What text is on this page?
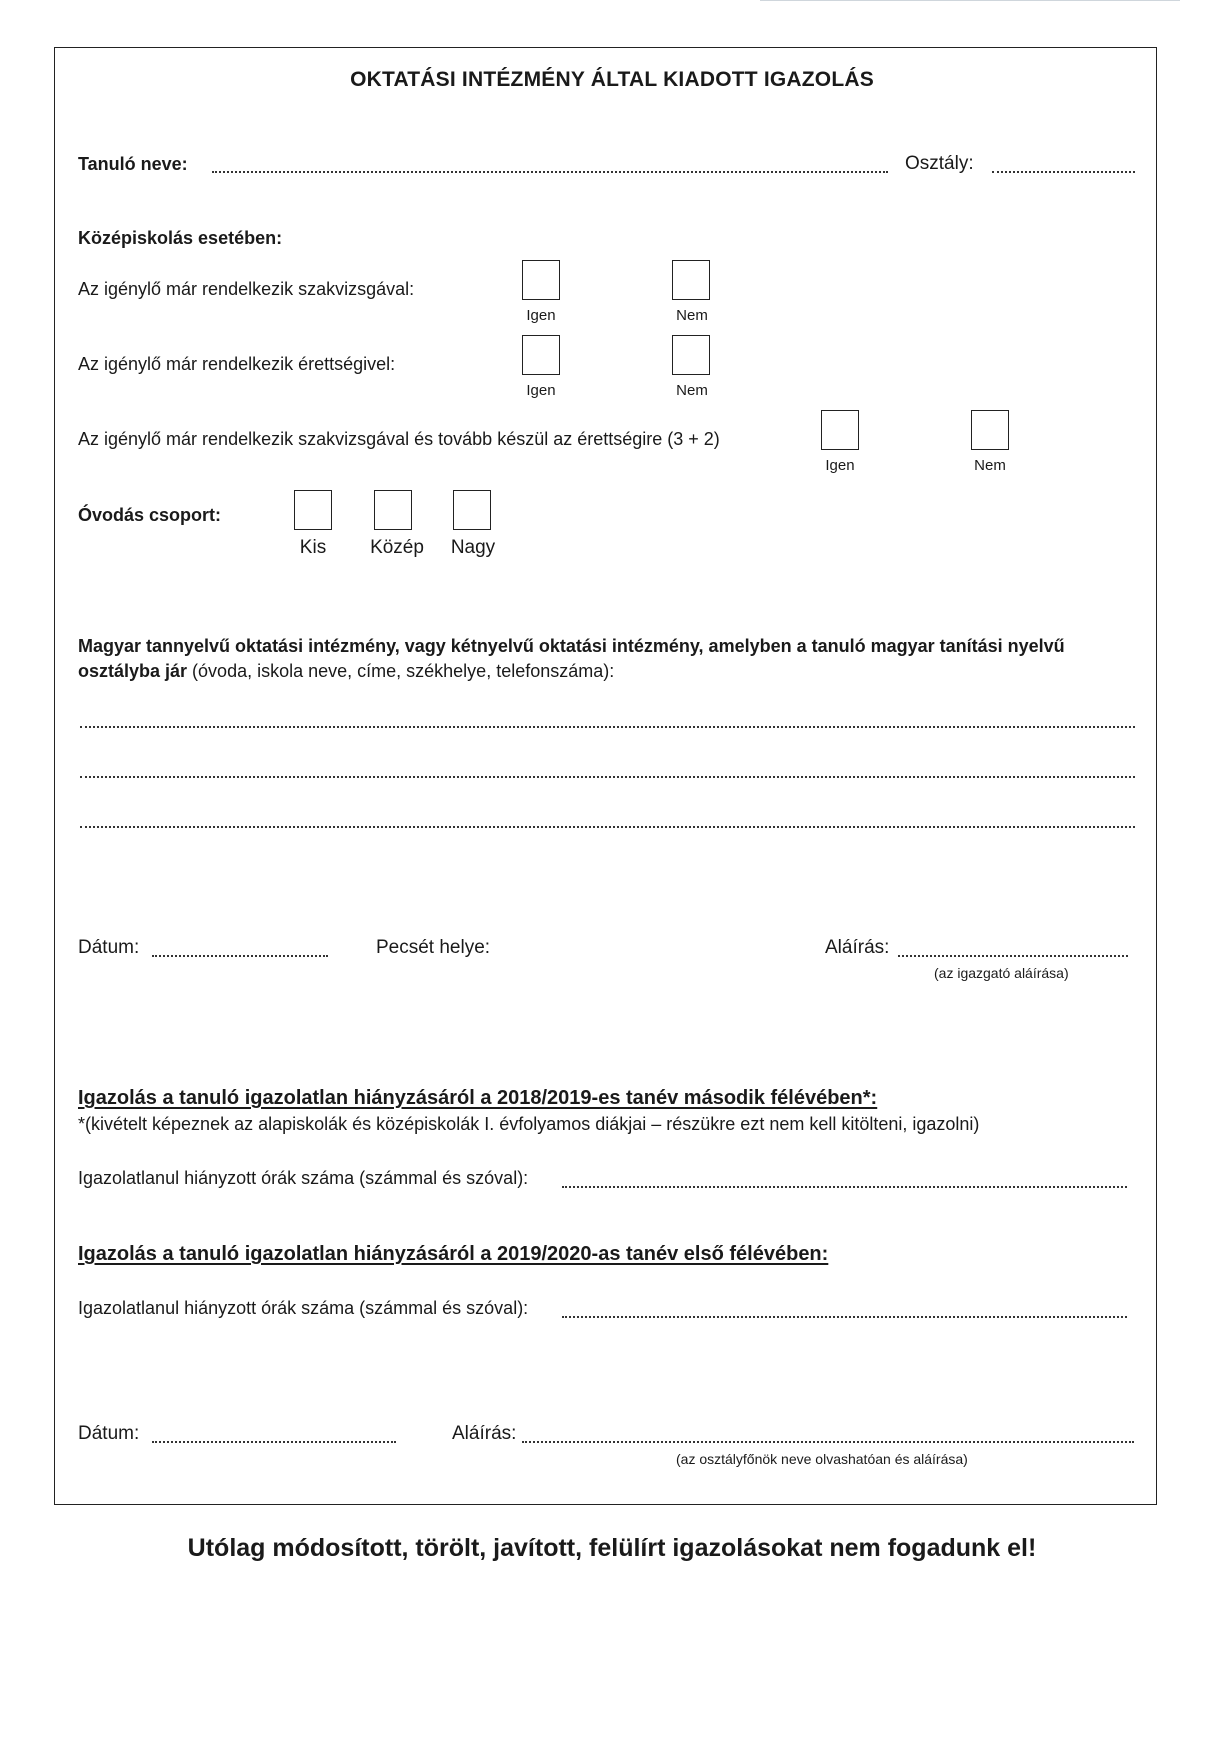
OKTATÁSI INTÉZMÉNY ÁLTAL KIADOTT IGAZOLÁS
Tanuló neve:	Osztály:
Középiskolás esetében:
Az igénylő már rendelkezik szakvizsgával:
Igen	Nem
Az igénylő már rendelkezik érettségivel:
Igen	Nem
Az igénylő már rendelkezik szakvizsgával és tovább készül az érettségire (3 + 2)
Igen	Nem
Óvodás csoport:
Kis	Közép	Nagy
Magyar tannyelvű oktatási intézmény, vagy kétnyelvű oktatási intézmény, amelyben a tanuló magyar tanítási nyelvű
osztályba jár (óvoda, iskola neve, címe, székhelye, telefonszáma):
Dátum:	Pecsét helye:	Aláírás:
(az igazgató aláírása)
Igazolás a tanuló igazolatlan hiányzásáról a 2018/2019-es tanév második félévében*:
*(kivételt képeznek az alapiskolák és középiskolák I. évfolyamos diákjai – részükre ezt nem kell kitölteni, igazolni)
Igazolatlanul hiányzott órák száma (számmal és szóval):
Igazolás a tanuló igazolatlan hiányzásáról a 2019/2020-as tanév első félévében:
Igazolatlanul hiányzott órák száma (számmal és szóval):
Dátum:	Aláírás:
(az osztályfőnök neve olvashatóan és aláírása)
Utólag módosított, törölt, javított, felülírt igazolásokat nem fogadunk el!
